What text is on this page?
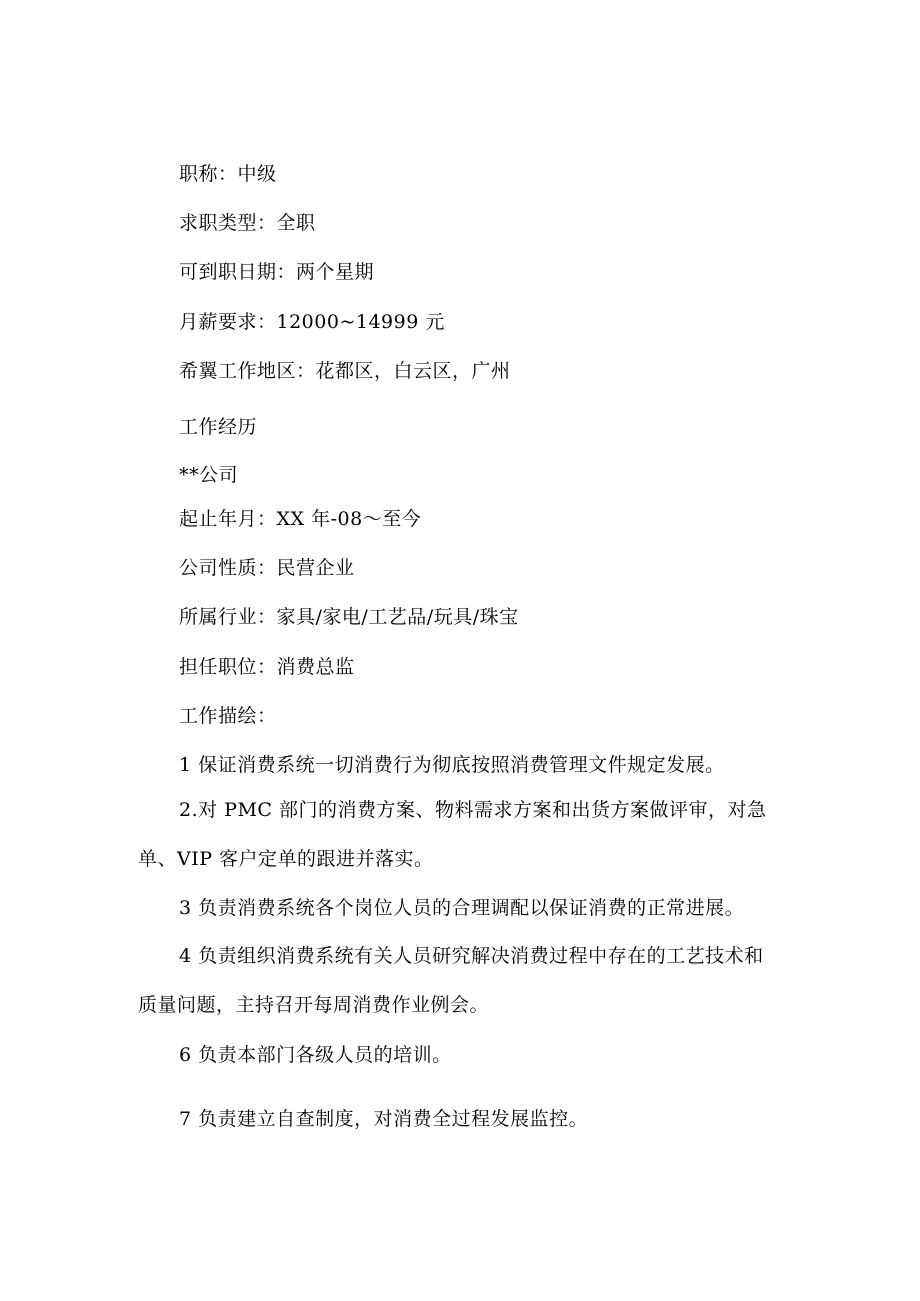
职称：中级
求职类型：全职
可到职日期：两个星期
月薪要求：12000~14999 元
希翼工作地区：花都区，白云区，广州
工作经历
**公司
起止年月：XX 年-08～至今
公司性质：民营企业
所属行业：家具/家电/工艺品/玩具/珠宝
担任职位：消费总监
工作描绘：
1 保证消费系统一切消费行为彻底按照消费管理文件规定发展。
2.对 PMC 部门的消费方案、物料需求方案和出货方案做评审，对急
单、VIP 客户定单的跟进并落实。
3 负责消费系统各个岗位人员的合理调配以保证消费的正常进展。
4 负责组织消费系统有关人员研究解决消费过程中存在的工艺技术和
质量问题，主持召开每周消费作业例会。
6 负责本部门各级人员的培训。
7 负责建立自查制度，对消费全过程发展监控。
